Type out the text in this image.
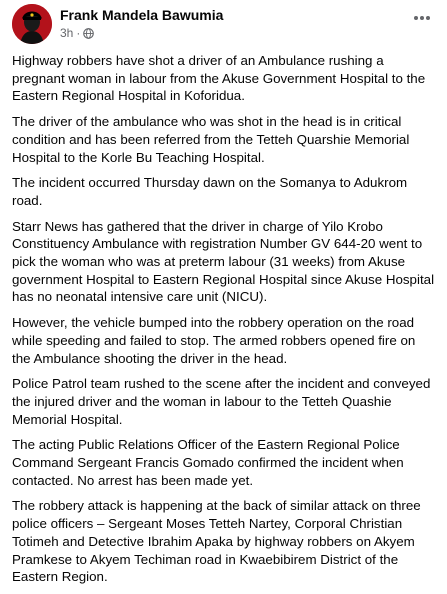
Frank Mandela Bawumia
3h ·

Highway robbers have shot a driver of an Ambulance rushing a pregnant woman in labour from the Akuse Government Hospital to the Eastern Regional Hospital in Koforidua.

The driver of the ambulance who was shot in the head is in critical condition and has been referred from the Tetteh Quarshie Memorial Hospital to the Korle Bu Teaching Hospital.

The incident occurred Thursday dawn on the Somanya to Adukrom road.

Starr News has gathered that the driver in charge of Yilo Krobo Constituency Ambulance with registration Number GV 644-20 went to pick the woman who was at preterm labour (31 weeks) from Akuse government Hospital to Eastern Regional Hospital since Akuse Hospital has no neonatal intensive care unit (NICU).

However, the vehicle bumped into the robbery operation on the road while speeding and failed to stop. The armed robbers opened fire on the Ambulance shooting the driver in the head.

Police Patrol team rushed to the scene after the incident and conveyed the injured driver and the woman in labour to the Tetteh Quashie Memorial Hospital.

The acting Public Relations Officer of the Eastern Regional Police Command Sergeant Francis Gomado confirmed the incident when contacted. No arrest has been made yet.

The robbery attack is happening at the back of similar attack on three police officers – Sergeant Moses Tetteh Nartey, Corporal Christian Totimeh and Detective Ibrahim Apaka by highway robbers on Akyem Pramkese to Akyem Techiman road in Kwaebibirem District of the Eastern Region.
